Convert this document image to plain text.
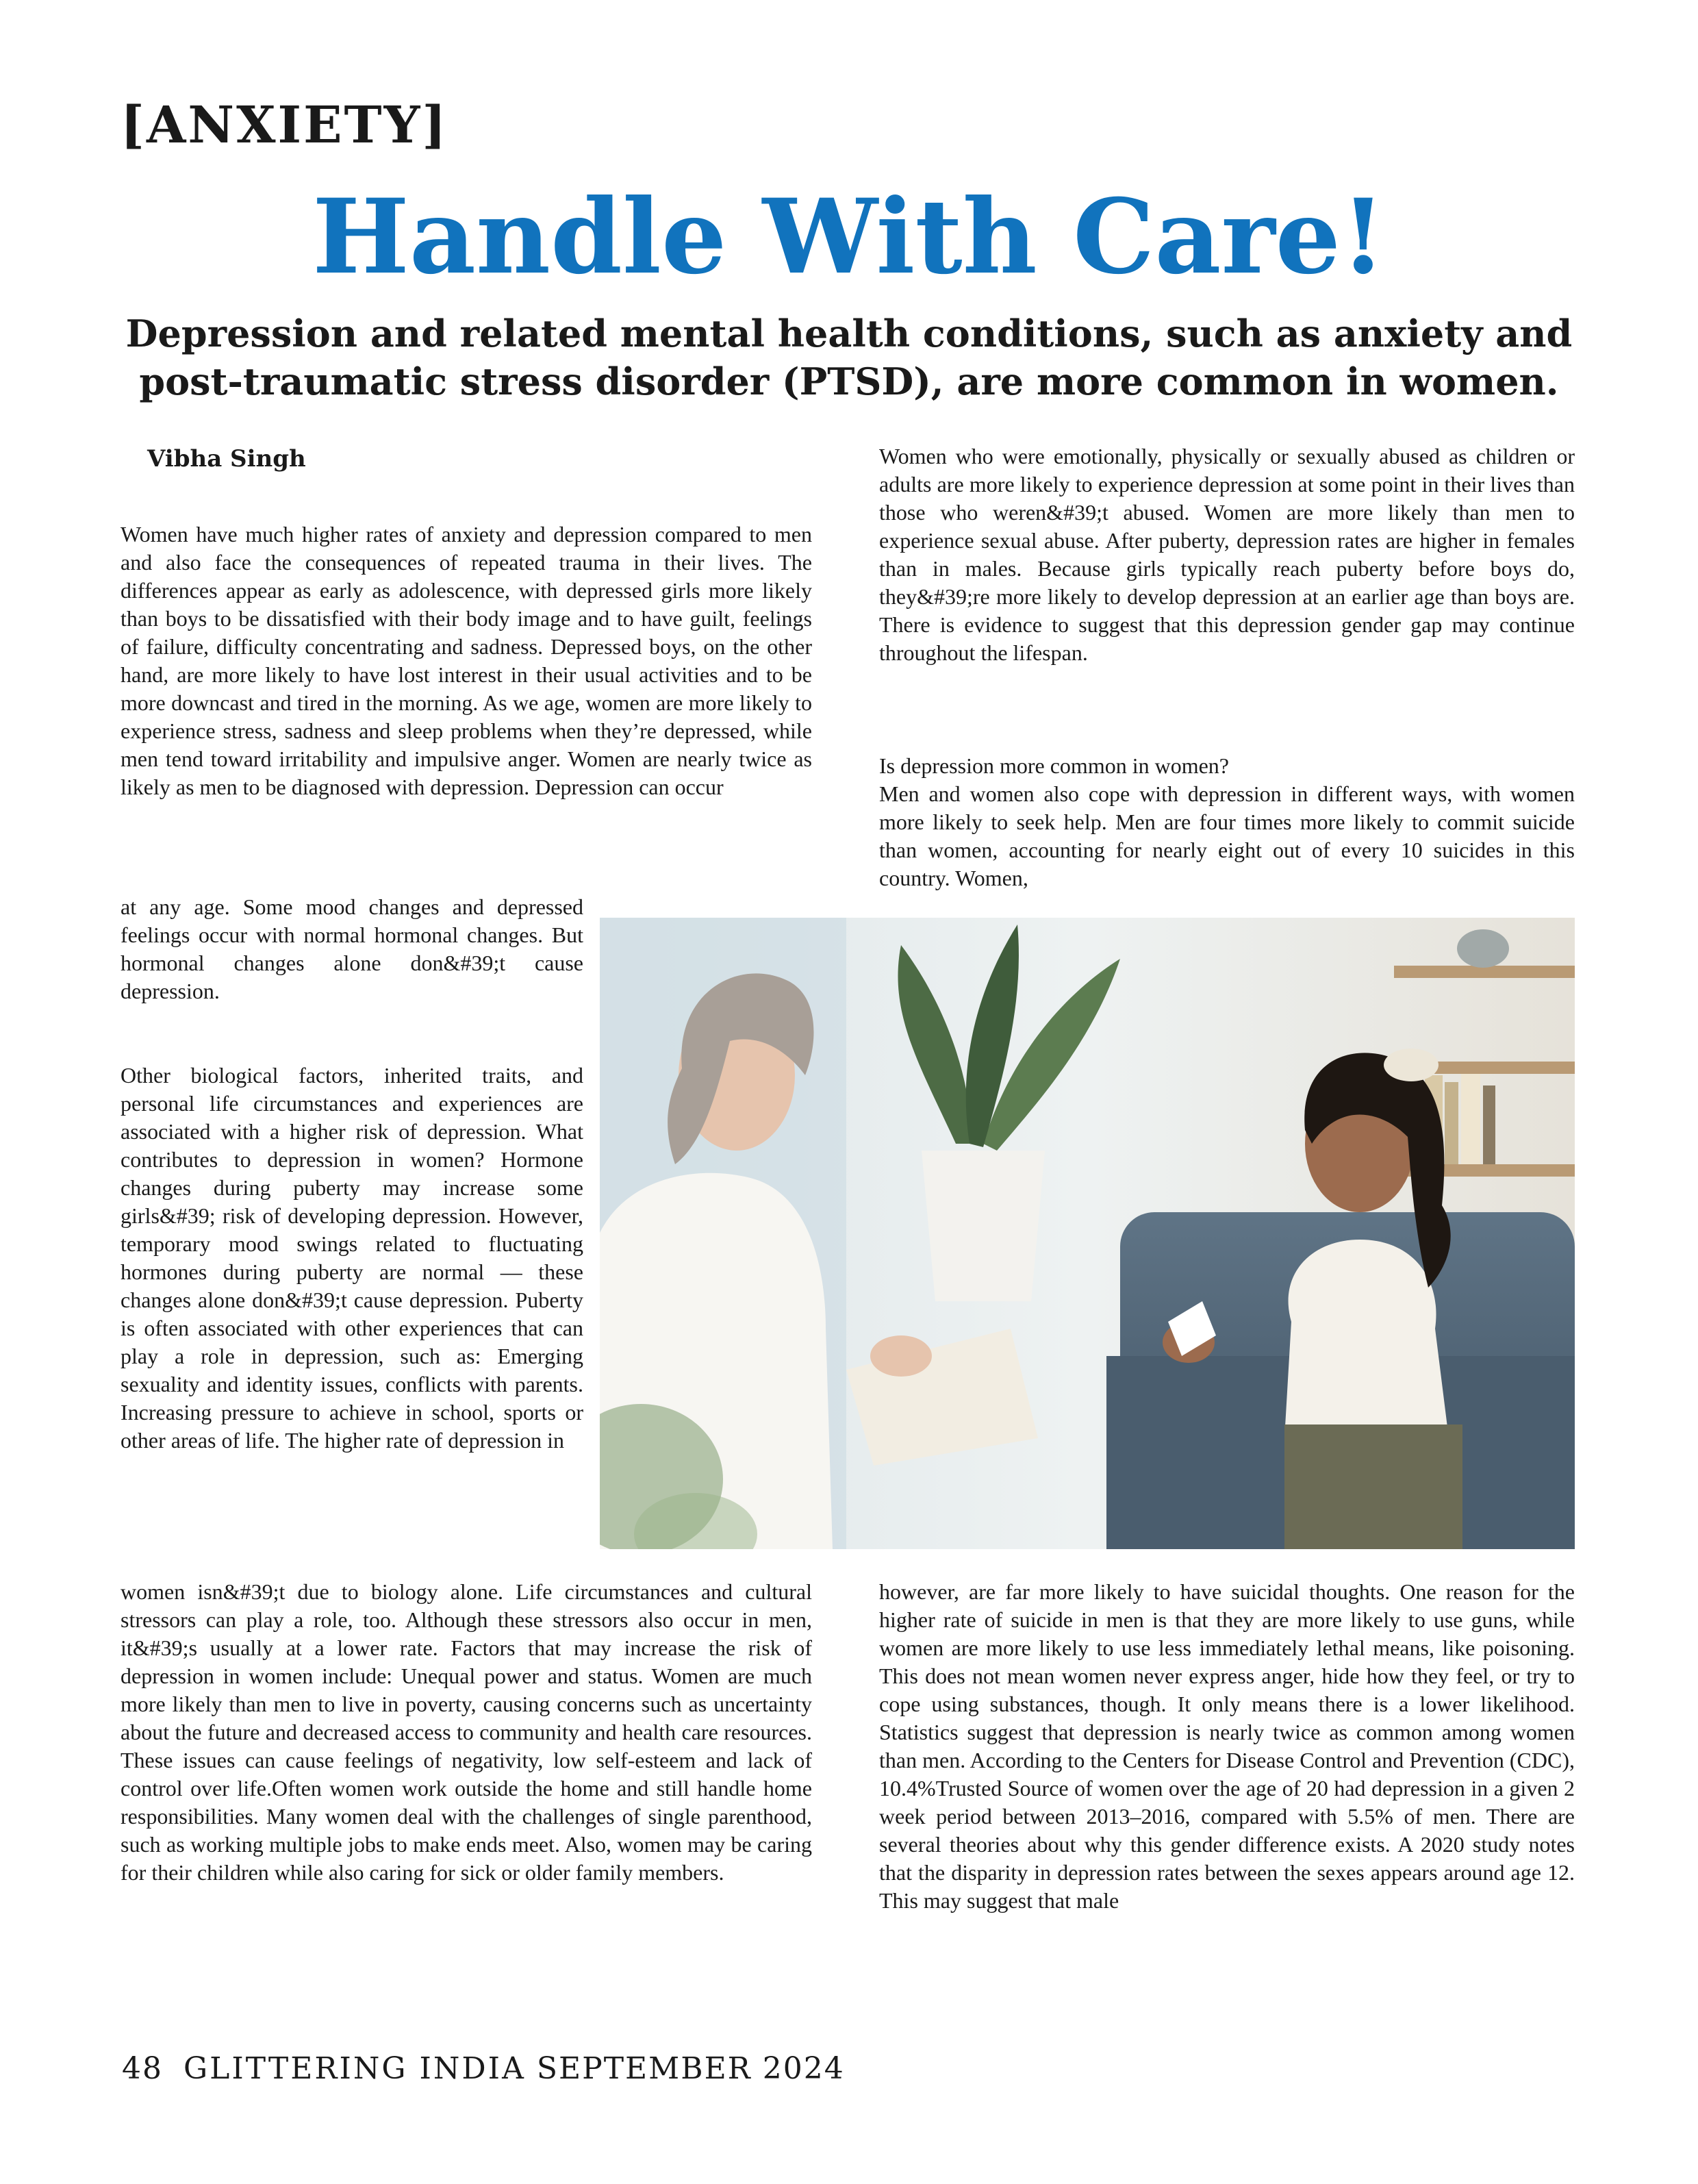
[ANXIETY]
Handle With Care!
Depression and related mental health conditions, such as anxiety and post-traumatic stress disorder (PTSD), are more common in women.
Vibha Singh

Women have much higher rates of anxiety and depression compared to men and also face the consequences of repeated trauma in their lives. The differences appear as early as adolescence, with depressed girls more likely than boys to be dissatisfied with their body image and to have guilt, feelings of failure, difficulty concentrating and sadness. Depressed boys, on the other hand, are more likely to have lost interest in their usual activities and to be more downcast and tired in the morning. As we age, women are more likely to experience stress, sadness and sleep problems when they’re depressed, while men tend toward irritability and impulsive anger. Women are nearly twice as likely as men to be diagnosed with depression. Depression can occur

at any age. Some mood changes and depressed feelings occur with normal hormonal changes. But hormonal changes alone don&#39;t cause depression.

Other biological factors, inherited traits, and personal life circumstances and experiences are associated with a higher risk of depression. What contributes to depression in women? Hormone changes during puberty may increase some girls&#39; risk of developing depression. However, temporary mood swings related to fluctuating hormones during puberty are normal — these changes alone don&#39;t cause depression. Puberty is often associated with other experiences that can play a role in depression, such as: Emerging sexuality and identity issues, conflicts with parents. Increasing pressure to achieve in school, sports or other areas of life. The higher rate of depression in

women isn&#39;t due to biology alone. Life circumstances and cultural stressors can play a role, too. Although these stressors also occur in men, it&#39;s usually at a lower rate. Factors that may increase the risk of depression in women include: Unequal power and status. Women are much more likely than men to live in poverty, causing concerns such as uncertainty about the future and decreased access to community and health care resources. These issues can cause feelings of negativity, low self-esteem and lack of control over life.Often women work outside the home and still handle home responsibilities. Many women deal with the challenges of single parenthood, such as working multiple jobs to make ends meet. Also, women may be caring for their children while also caring for sick or older family members.

Women who were emotionally, physically or sexually abused as children or adults are more likely to experience depression at some point in their lives than those who weren&#39;t abused. Women are more likely than men to experience sexual abuse. After puberty, depression rates are higher in females than in males. Because girls typically reach puberty before boys do, they&#39;re more likely to develop depression at an earlier age than boys are. There is evidence to suggest that this depression gender gap may continue throughout the lifespan.

Is depression more common in women?

Men and women also cope with depression in different ways, with women more likely to seek help. Men are four times more likely to commit suicide than women, accounting for nearly eight out of every 10 suicides in this country. Women,

however, are far more likely to have suicidal thoughts. One reason for the higher rate of suicide in men is that they are more likely to use guns, while women are more likely to use less immediately lethal means, like poisoning. This does not mean women never express anger, hide how they feel, or try to cope using substances, though. It only means there is a lower likelihood. Statistics suggest that depression is nearly twice as common among women than men. According to the Centers for Disease Control and Prevention (CDC), 10.4%Trusted Source of women over the age of 20 had depression in a given 2 week period between 2013–2016, compared with 5.5% of men. There are several theories about why this gender difference exists. A 2020 study notes that the disparity in depression rates between the sexes appears around age 12. This may suggest that male

48 GLITTERING INDIA SEPTEMBER 2024
